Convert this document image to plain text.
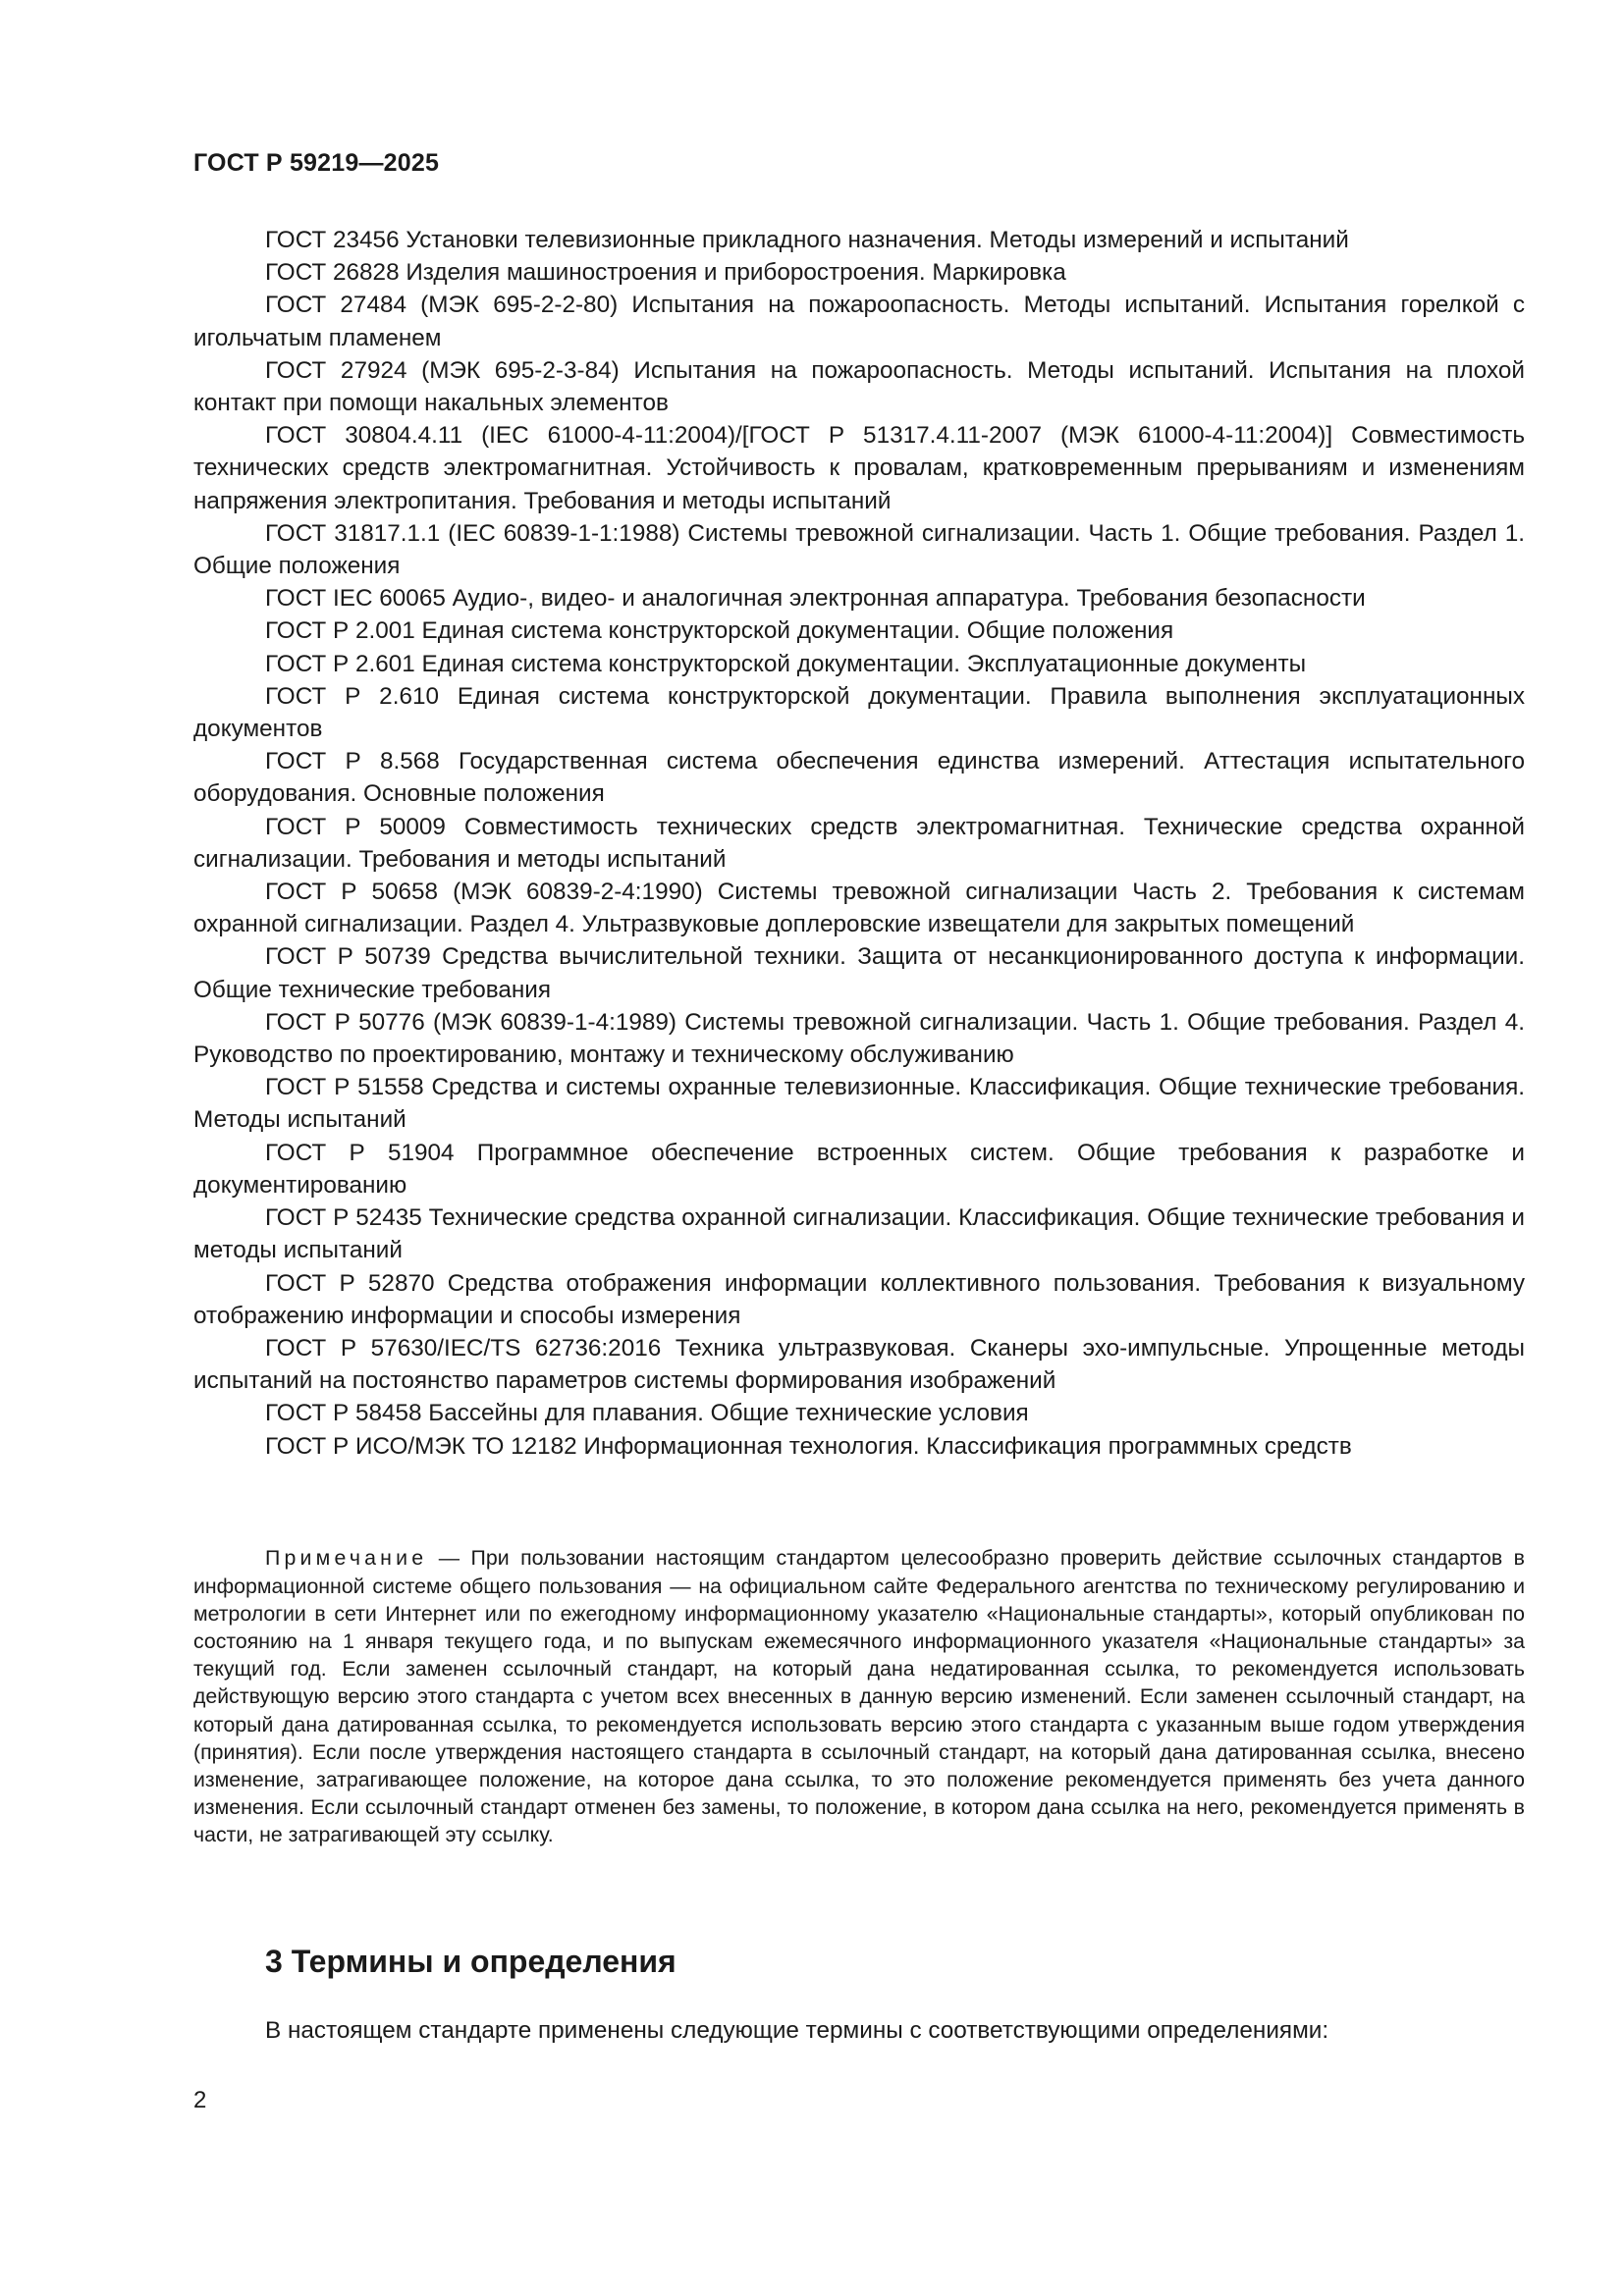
ГОСТ Р 59219—2025

ГОСТ 23456 Установки телевизионные прикладного назначения. Методы измерений и испытаний

ГОСТ 26828 Изделия машиностроения и приборостроения. Маркировка

ГОСТ 27484 (МЭК 695-2-2-80) Испытания на пожароопасность. Методы испытаний. Испытания горелкой с игольчатым пламенем

ГОСТ 27924 (МЭК 695-2-3-84) Испытания на пожароопасность. Методы испытаний. Испытания на плохой контакт при помощи накальных элементов

ГОСТ 30804.4.11 (IEC 61000-4-11:2004)/[ГОСТ Р 51317.4.11-2007 (МЭК 61000-4-11:2004)] Совместимость технических средств электромагнитная. Устойчивость к провалам, кратковременным прерываниям и изменениям напряжения электропитания. Требования и методы испытаний

ГОСТ 31817.1.1 (IEC 60839-1-1:1988) Системы тревожной сигнализации. Часть 1. Общие требования. Раздел 1. Общие положения

ГОСТ IEC 60065 Аудио-, видео- и аналогичная электронная аппаратура. Требования безопасности

ГОСТ Р 2.001 Единая система конструкторской документации. Общие положения

ГОСТ Р 2.601 Единая система конструкторской документации. Эксплуатационные документы

ГОСТ Р 2.610 Единая система конструкторской документации. Правила выполнения эксплуатационных документов

ГОСТ Р 8.568 Государственная система обеспечения единства измерений. Аттестация испытательного оборудования. Основные положения

ГОСТ Р 50009 Совместимость технических средств электромагнитная. Технические средства охранной сигнализации. Требования и методы испытаний

ГОСТ Р 50658 (МЭК 60839-2-4:1990) Системы тревожной сигнализации Часть 2. Требования к системам охранной сигнализации. Раздел 4. Ультразвуковые доплеровские извещатели для закрытых помещений

ГОСТ Р 50739 Средства вычислительной техники. Защита от несанкционированного доступа к информации. Общие технические требования

ГОСТ Р 50776 (МЭК 60839-1-4:1989) Системы тревожной сигнализации. Часть 1. Общие требования. Раздел 4. Руководство по проектированию, монтажу и техническому обслуживанию

ГОСТ Р 51558 Средства и системы охранные телевизионные. Классификация. Общие технические требования. Методы испытаний

ГОСТ Р 51904 Программное обеспечение встроенных систем. Общие требования к разработке и документированию

ГОСТ Р 52435 Технические средства охранной сигнализации. Классификация. Общие технические требования и методы испытаний

ГОСТ Р 52870 Средства отображения информации коллективного пользования. Требования к визуальному отображению информации и способы измерения

ГОСТ Р 57630/IEC/TS 62736:2016 Техника ультразвуковая. Сканеры эхо-импульсные. Упрощенные методы испытаний на постоянство параметров системы формирования изображений

ГОСТ Р 58458 Бассейны для плавания. Общие технические условия

ГОСТ Р ИСО/МЭК ТО 12182 Информационная технология. Классификация программных средств

Примечание — При пользовании настоящим стандартом целесообразно проверить действие ссылочных стандартов в информационной системе общего пользования — на официальном сайте Федерального агентства по техническому регулированию и метрологии в сети Интернет или по ежегодному информационному указателю «Национальные стандарты», который опубликован по состоянию на 1 января текущего года, и по выпускам ежемесячного информационного указателя «Национальные стандарты» за текущий год. Если заменен ссылочный стандарт, на который дана недатированная ссылка, то рекомендуется использовать действующую версию этого стандарта с учетом всех внесенных в данную версию изменений. Если заменен ссылочный стандарт, на который дана датированная ссылка, то рекомендуется использовать версию этого стандарта с указанным выше годом утверждения (принятия). Если после утверждения настоящего стандарта в ссылочный стандарт, на который дана датированная ссылка, внесено изменение, затрагивающее положение, на которое дана ссылка, то это положение рекомендуется применять без учета данного изменения. Если ссылочный стандарт отменен без замены, то положение, в котором дана ссылка на него, рекомендуется применять в части, не затрагивающей эту ссылку.

3 Термины и определения
В настоящем стандарте применены следующие термины с соответствующими определениями:
2
